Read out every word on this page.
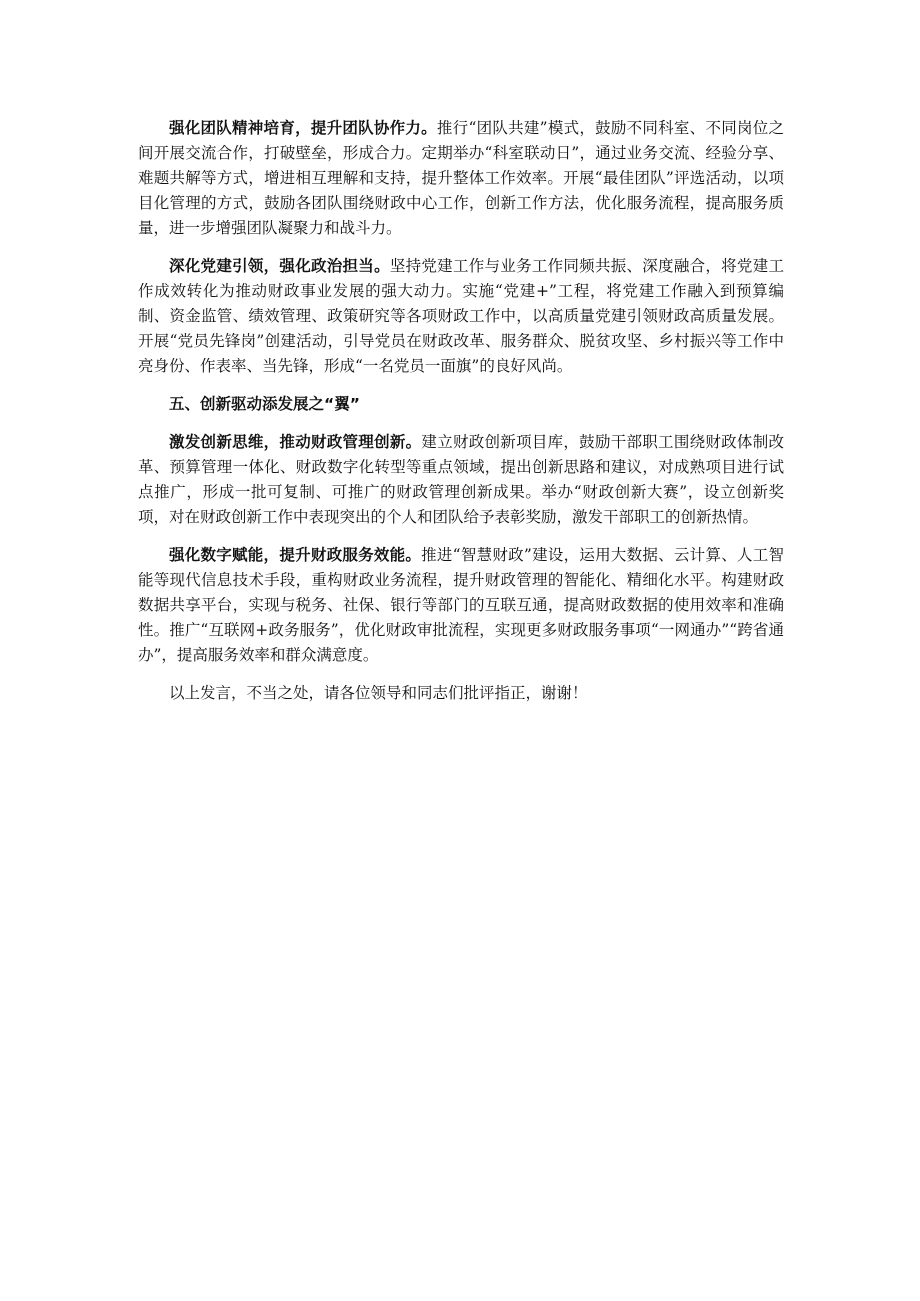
强化团队精神培育，提升团队协作力。推行“团队共建”模式，鼓励不同科室、不同岗位之间开展交流合作，打破壁垒，形成合力。定期举办“科室联动日”，通过业务交流、经验分享、难题共解等方式，增进相互理解和支持，提升整体工作效率。开展“最佳团队”评选活动，以项目化管理的方式，鼓励各团队围绕财政中心工作，创新工作方法，优化服务流程，提高服务质量，进一步增强团队凝聚力和战斗力。

深化党建引领，强化政治担当。坚持党建工作与业务工作同频共振、深度融合，将党建工作成效转化为推动财政事业发展的强大动力。实施“党建+”工程，将党建工作融入到预算编制、资金监管、绩效管理、政策研究等各项财政工作中，以高质量党建引领财政高质量发展。开展“党员先锋岗”创建活动，引导党员在财政改革、服务群众、脱贫攻坚、乡村振兴等工作中亮身份、作表率、当先锋，形成“一名党员一面旗”的良好风尚。

五、创新驱动添发展之“翼”

激发创新思维，推动财政管理创新。建立财政创新项目库，鼓励干部职工围绕财政体制改革、预算管理一体化、财政数字化转型等重点领域，提出创新思路和建议，对成熟项目进行试点推广，形成一批可复制、可推广的财政管理创新成果。举办“财政创新大赛”，设立创新奖项，对在财政创新工作中表现突出的个人和团队给予表彰奖励，激发干部职工的创新热情。

强化数字赋能，提升财政服务效能。推进“智慧财政”建设，运用大数据、云计算、人工智能等现代信息技术手段，重构财政业务流程，提升财政管理的智能化、精细化水平。构建财政数据共享平台，实现与税务、社保、银行等部门的互联互通，提高财政数据的使用效率和准确性。推广“互联网+政务服务”，优化财政审批流程，实现更多财政服务事项“一网通办”“跨省通办”，提高服务效率和群众满意度。

以上发言，不当之处，请各位领导和同志们批评指正，谢谢！
